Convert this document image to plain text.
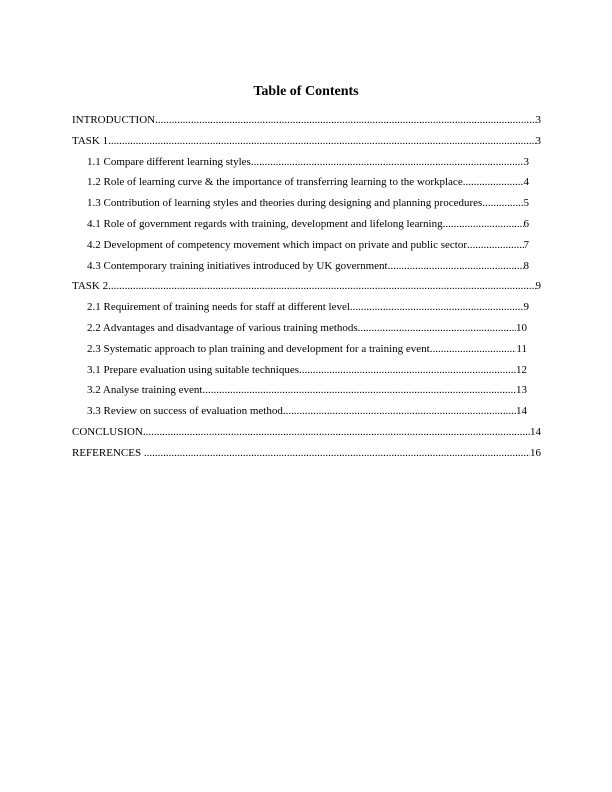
Table of Contents
INTRODUCTION .....	3
TASK 1 .....	3
1.1 Compare different learning styles .....	3
1.2 Role of learning curve & the importance of transferring learning to the workplace .....	4
1.3 Contribution of learning styles and theories during designing and planning procedures .....	5
4.1 Role of government regards with training, development and lifelong learning .....	6
4.2 Development of competency movement which impact on private and public sector .....	7
4.3 Contemporary training initiatives introduced by UK government .....	8
TASK 2 .....	9
2.1 Requirement of training needs for staff at different level .....	9
2.2 Advantages and disadvantage of various training methods .....	10
2.3 Systematic approach to plan training and development for a training event .....	11
3.1 Prepare evaluation using suitable techniques .....	12
3.2 Analyse training event .....	13
3.3 Review on success of evaluation method .....	14
CONCLUSION .....	14
REFERENCES .....	16
